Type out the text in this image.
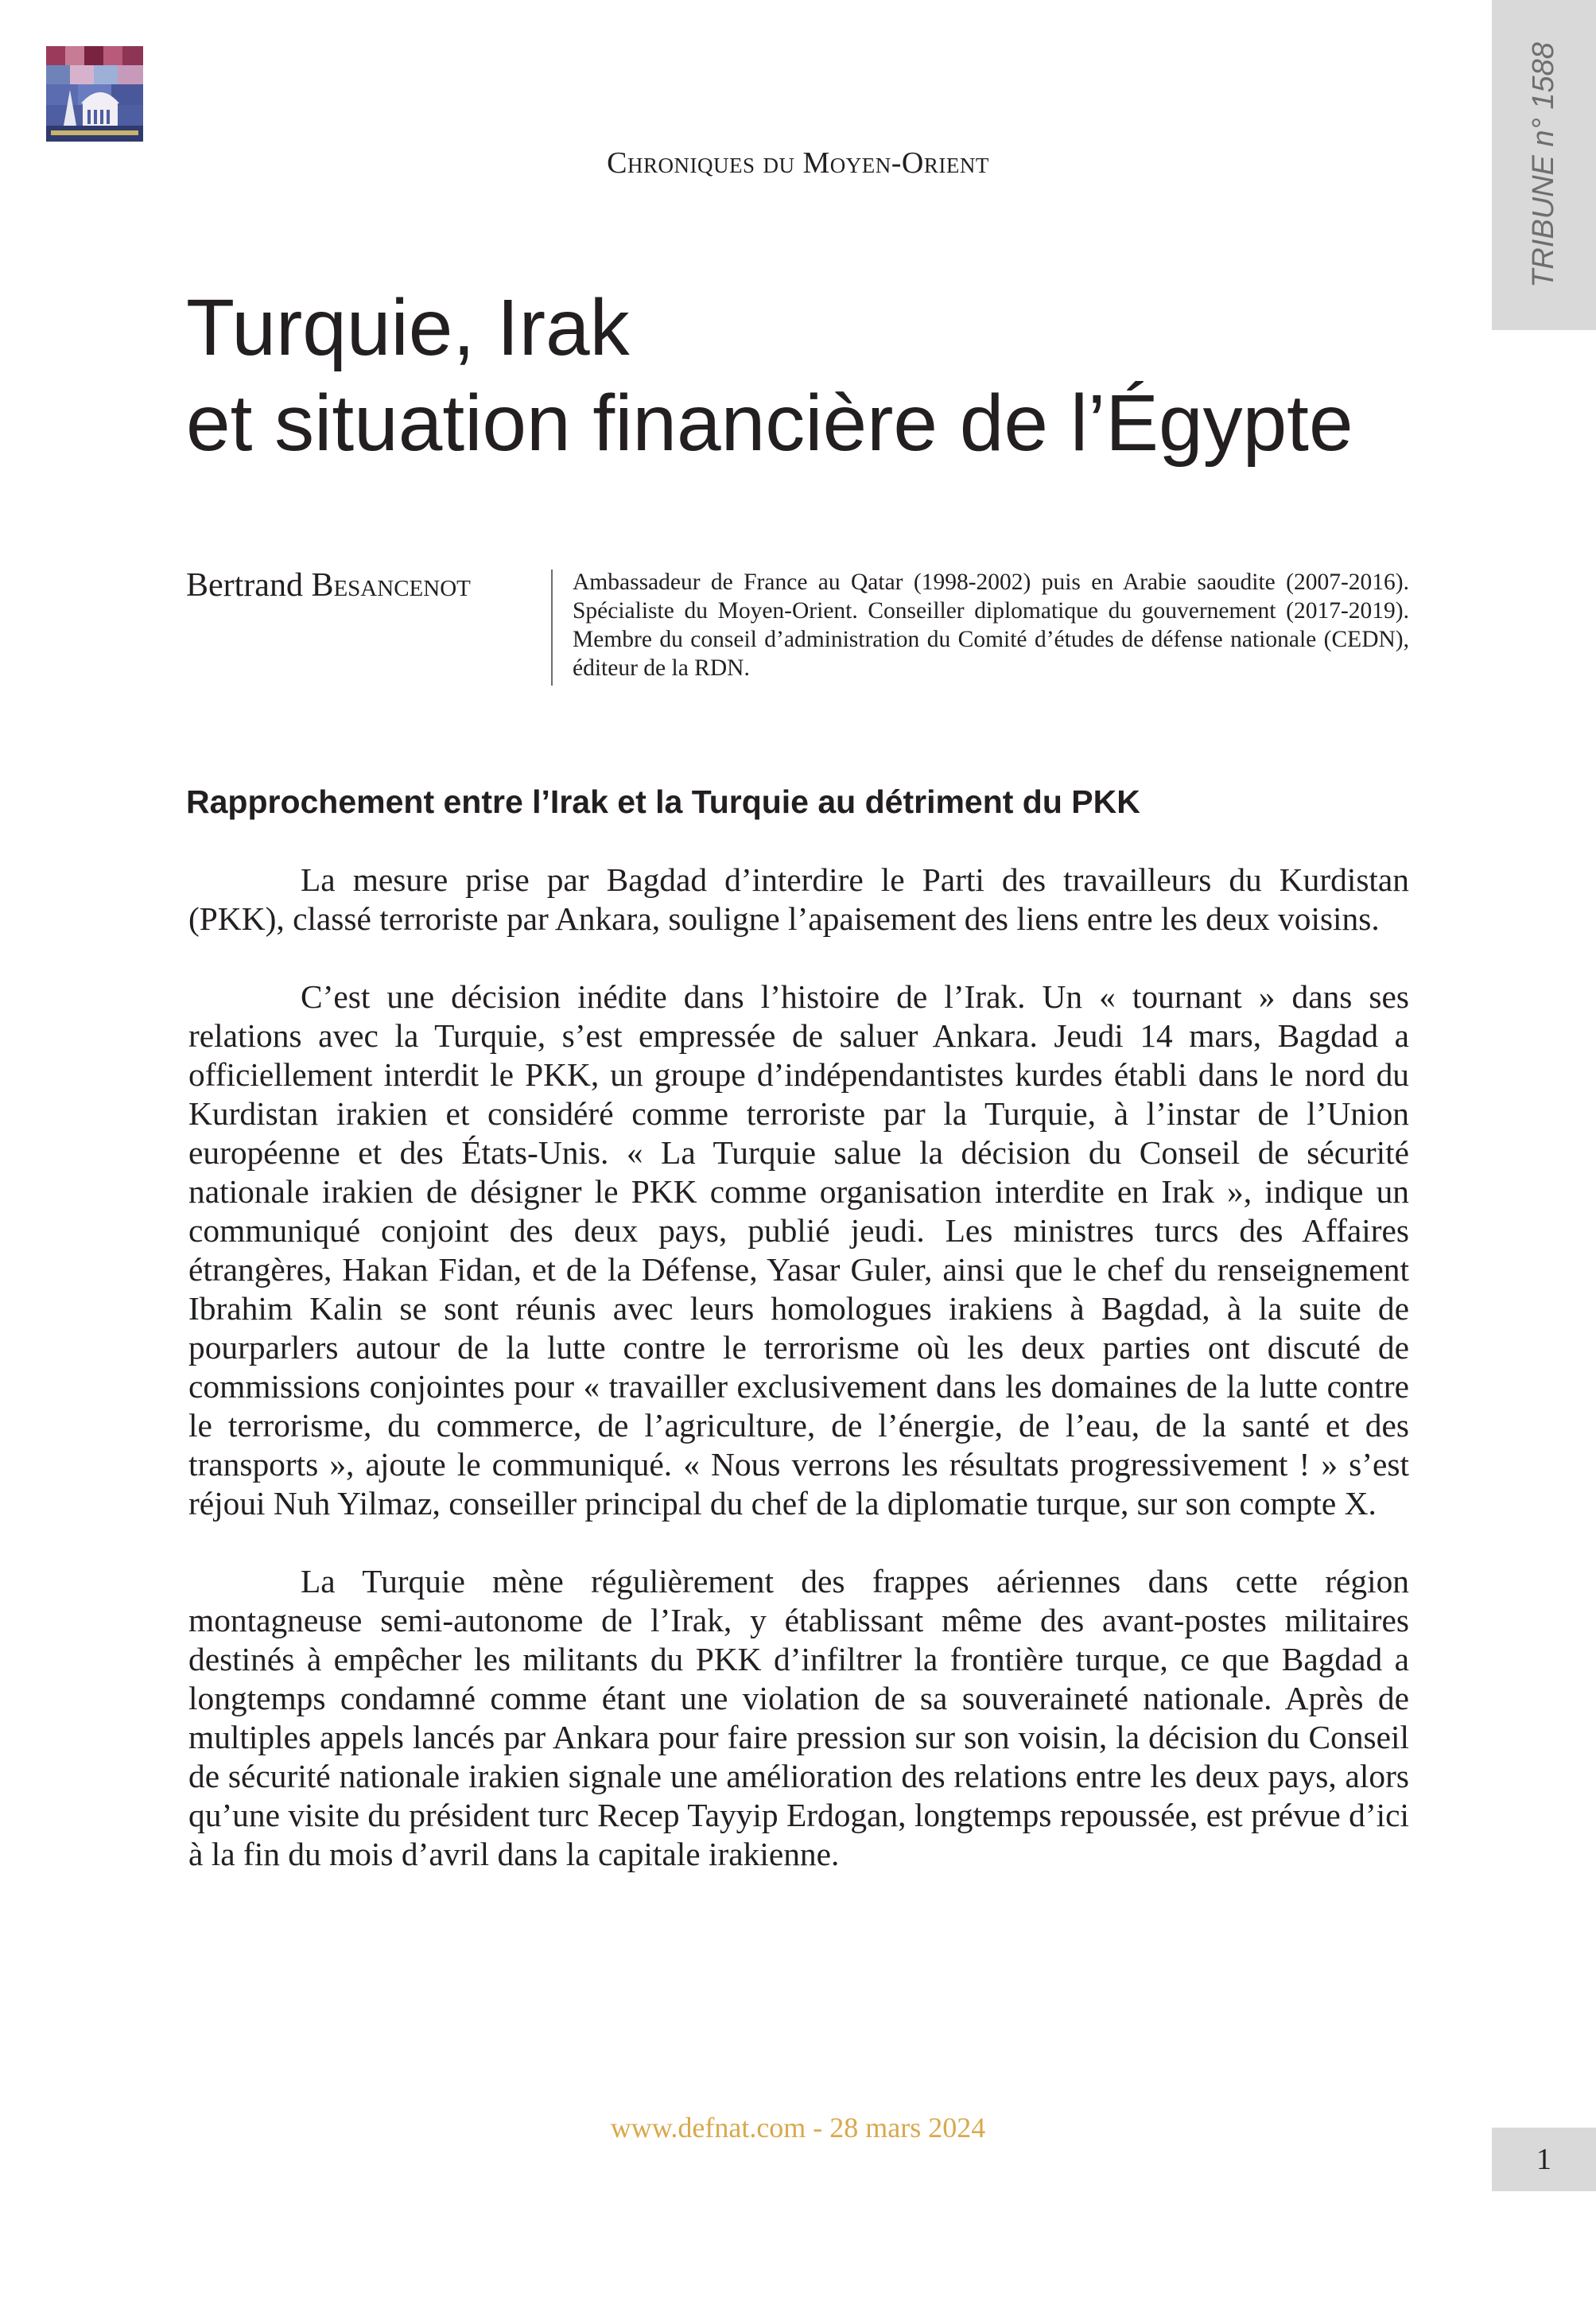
TRIBUNE n° 1588
Chroniques du Moyen-Orient
Turquie, Irak
et situation financière de l’Égypte
Bertrand Besancenot	Ambassadeur de France au Qatar (1998-2002) puis en Arabie saoudite (2007-2016). Spécialiste du Moyen-Orient. Conseiller diplomatique du gouvernement (2017-2019). Membre du conseil d’administration du Comité d’études de défense nationale (CEDN), éditeur de la RDN.
Rapprochement entre l’Irak et la Turquie au détriment du PKK

La mesure prise par Bagdad d’interdire le Parti des travailleurs du Kurdistan (PKK), classé terroriste par Ankara, souligne l’apaisement des liens entre les deux voisins.

C’est une décision inédite dans l’histoire de l’Irak. Un « tournant » dans ses relations avec la Turquie, s’est empressée de saluer Ankara. Jeudi 14 mars, Bagdad a officiellement interdit le PKK, un groupe d’indépendantistes kurdes établi dans le nord du Kurdistan irakien et considéré comme terroriste par la Turquie, à l’instar de l’Union européenne et des États-Unis. « La Turquie salue la décision du Conseil de sécurité nationale irakien de désigner le PKK comme organisation interdite en Irak », indique un communiqué conjoint des deux pays, publié jeudi. Les ministres turcs des Affaires étrangères, Hakan Fidan, et de la Défense, Yasar Guler, ainsi que le chef du renseignement Ibrahim Kalin se sont réunis avec leurs homologues irakiens à Bagdad, à la suite de pourparlers autour de la lutte contre le terrorisme où les deux parties ont discuté de commissions conjointes pour « travailler exclusivement dans les domaines de la lutte contre le terrorisme, du commerce, de l’agriculture, de l’énergie, de l’eau, de la santé et des transports », ajoute le communiqué. « Nous verrons les résultats progressivement ! » s’est réjoui Nuh Yilmaz, conseiller principal du chef de la diplomatie turque, sur son compte X.

La Turquie mène régulièrement des frappes aériennes dans cette région montagneuse semi-autonome de l’Irak, y établissant même des avant-postes militaires destinés à empêcher les militants du PKK d’infiltrer la frontière turque, ce que Bagdad a longtemps condamné comme étant une violation de sa souveraineté nationale. Après de multiples appels lancés par Ankara pour faire pression sur son voisin, la décision du Conseil de sécurité nationale irakien signale une amélioration des relations entre les deux pays, alors qu’une visite du président turc Recep Tayyip Erdogan, longtemps repoussée, est prévue d’ici à la fin du mois d’avril dans la capitale irakienne.

www.defnat.com - 28 mars 2024
1
